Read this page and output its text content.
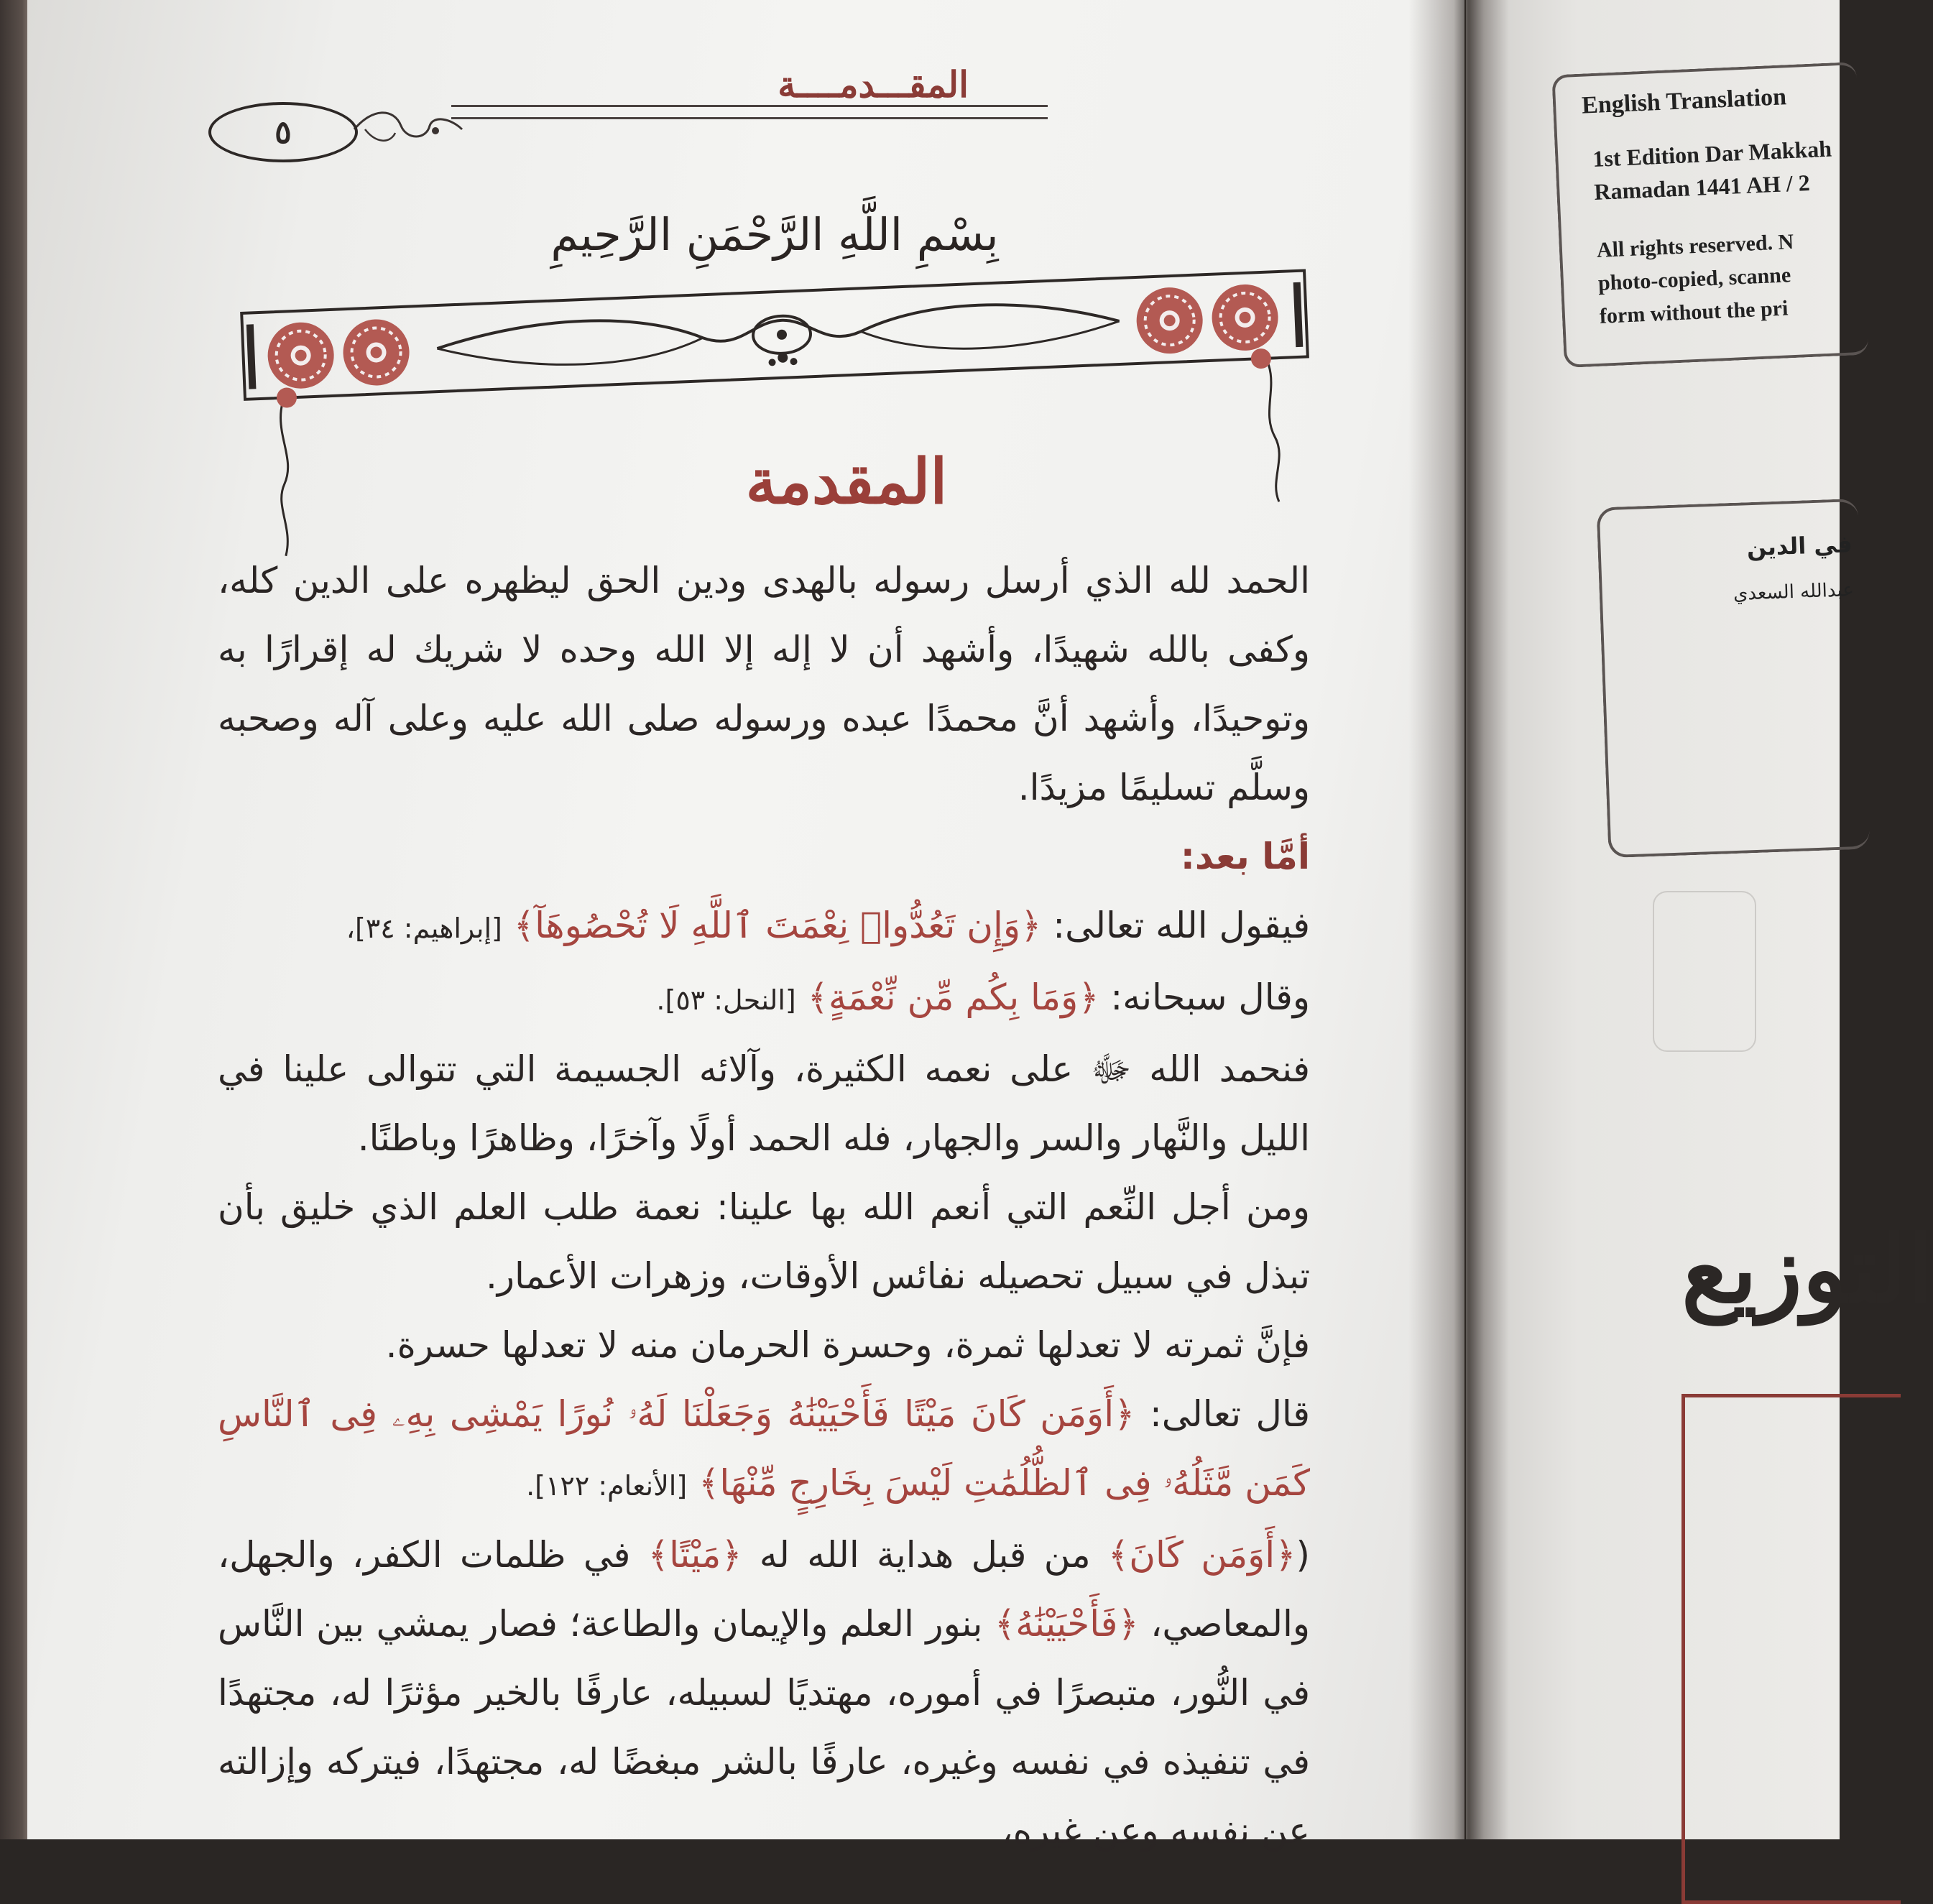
المقـــدمــــة
٥
بِسْمِ اللَّهِ الرَّحْمَنِ الرَّحِيمِ
المقدمة

الحمد لله الذي أرسل رسوله بالهدى ودين الحق ليظهره على الدين كله، وكفى بالله شهيدًا، وأشهد أن لا إله إلا الله وحده لا شريك له إقرارًا به وتوحيدًا، وأشهد أنَّ محمدًا عبده ورسوله صلى الله عليه وعلى آله وصحبه وسلَّم تسليمًا مزيدًا.

أمَّا بعد:

فيقول الله تعالى: ﴿وَإِن تَعُدُّوا۟ نِعْمَتَ ٱللَّهِ لَا تُحْصُوهَآ﴾ [إبراهيم: ٣٤]،

وقال سبحانه: ﴿وَمَا بِكُم مِّن نِّعْمَةٍ﴾ [النحل: ٥٣].

فنحمد الله ﷻ على نعمه الكثيرة، وآلائه الجسيمة التي تتوالى علينا في الليل والنَّهار والسر والجهار، فله الحمد أولًا وآخرًا، وظاهرًا وباطنًا.

ومن أجل النِّعم التي أنعم الله بها علينا: نعمة طلب العلم الذي خليق بأن تبذل في سبيل تحصيله نفائس الأوقات، وزهرات الأعمار.

فإنَّ ثمرته لا تعدلها ثمرة، وحسرة الحرمان منه لا تعدلها حسرة.

قال تعالى: ﴿أَوَمَن كَانَ مَيْتًا فَأَحْيَيْنَٰهُ وَجَعَلْنَا لَهُۥ نُورًا يَمْشِى بِهِۦ فِى ٱلنَّاسِ كَمَن مَّثَلُهُۥ فِى ٱلظُّلُمَٰتِ لَيْسَ بِخَارِجٍ مِّنْهَا﴾ [الأنعام: ١٢٢].

(﴿أَوَمَن كَانَ﴾ من قبل هداية الله له ﴿مَيْتًا﴾ في ظلمات الكفر، والجهل، والمعاصي، ﴿فَأَحْيَيْنَٰهُ﴾ بنور العلم والإيمان والطاعة؛ فصار يمشي بين النَّاس في النُّور، متبصرًا في أموره، مهتديًا لسبيله، عارفًا بالخير مؤثرًا له، مجتهدًا في تنفيذه في نفسه وغيره، عارفًا بالشر مبغضًا له، مجتهدًا، فيتركه وإزالته عن نفسه وعن غيره،

English Translation
1st Edition Dar Makkah
Ramadan 1441 AH / 2
All rights reserved. N
photo-copied, scanne
form without the pri
في الدين
عبدالله السعدي
التوزيع
